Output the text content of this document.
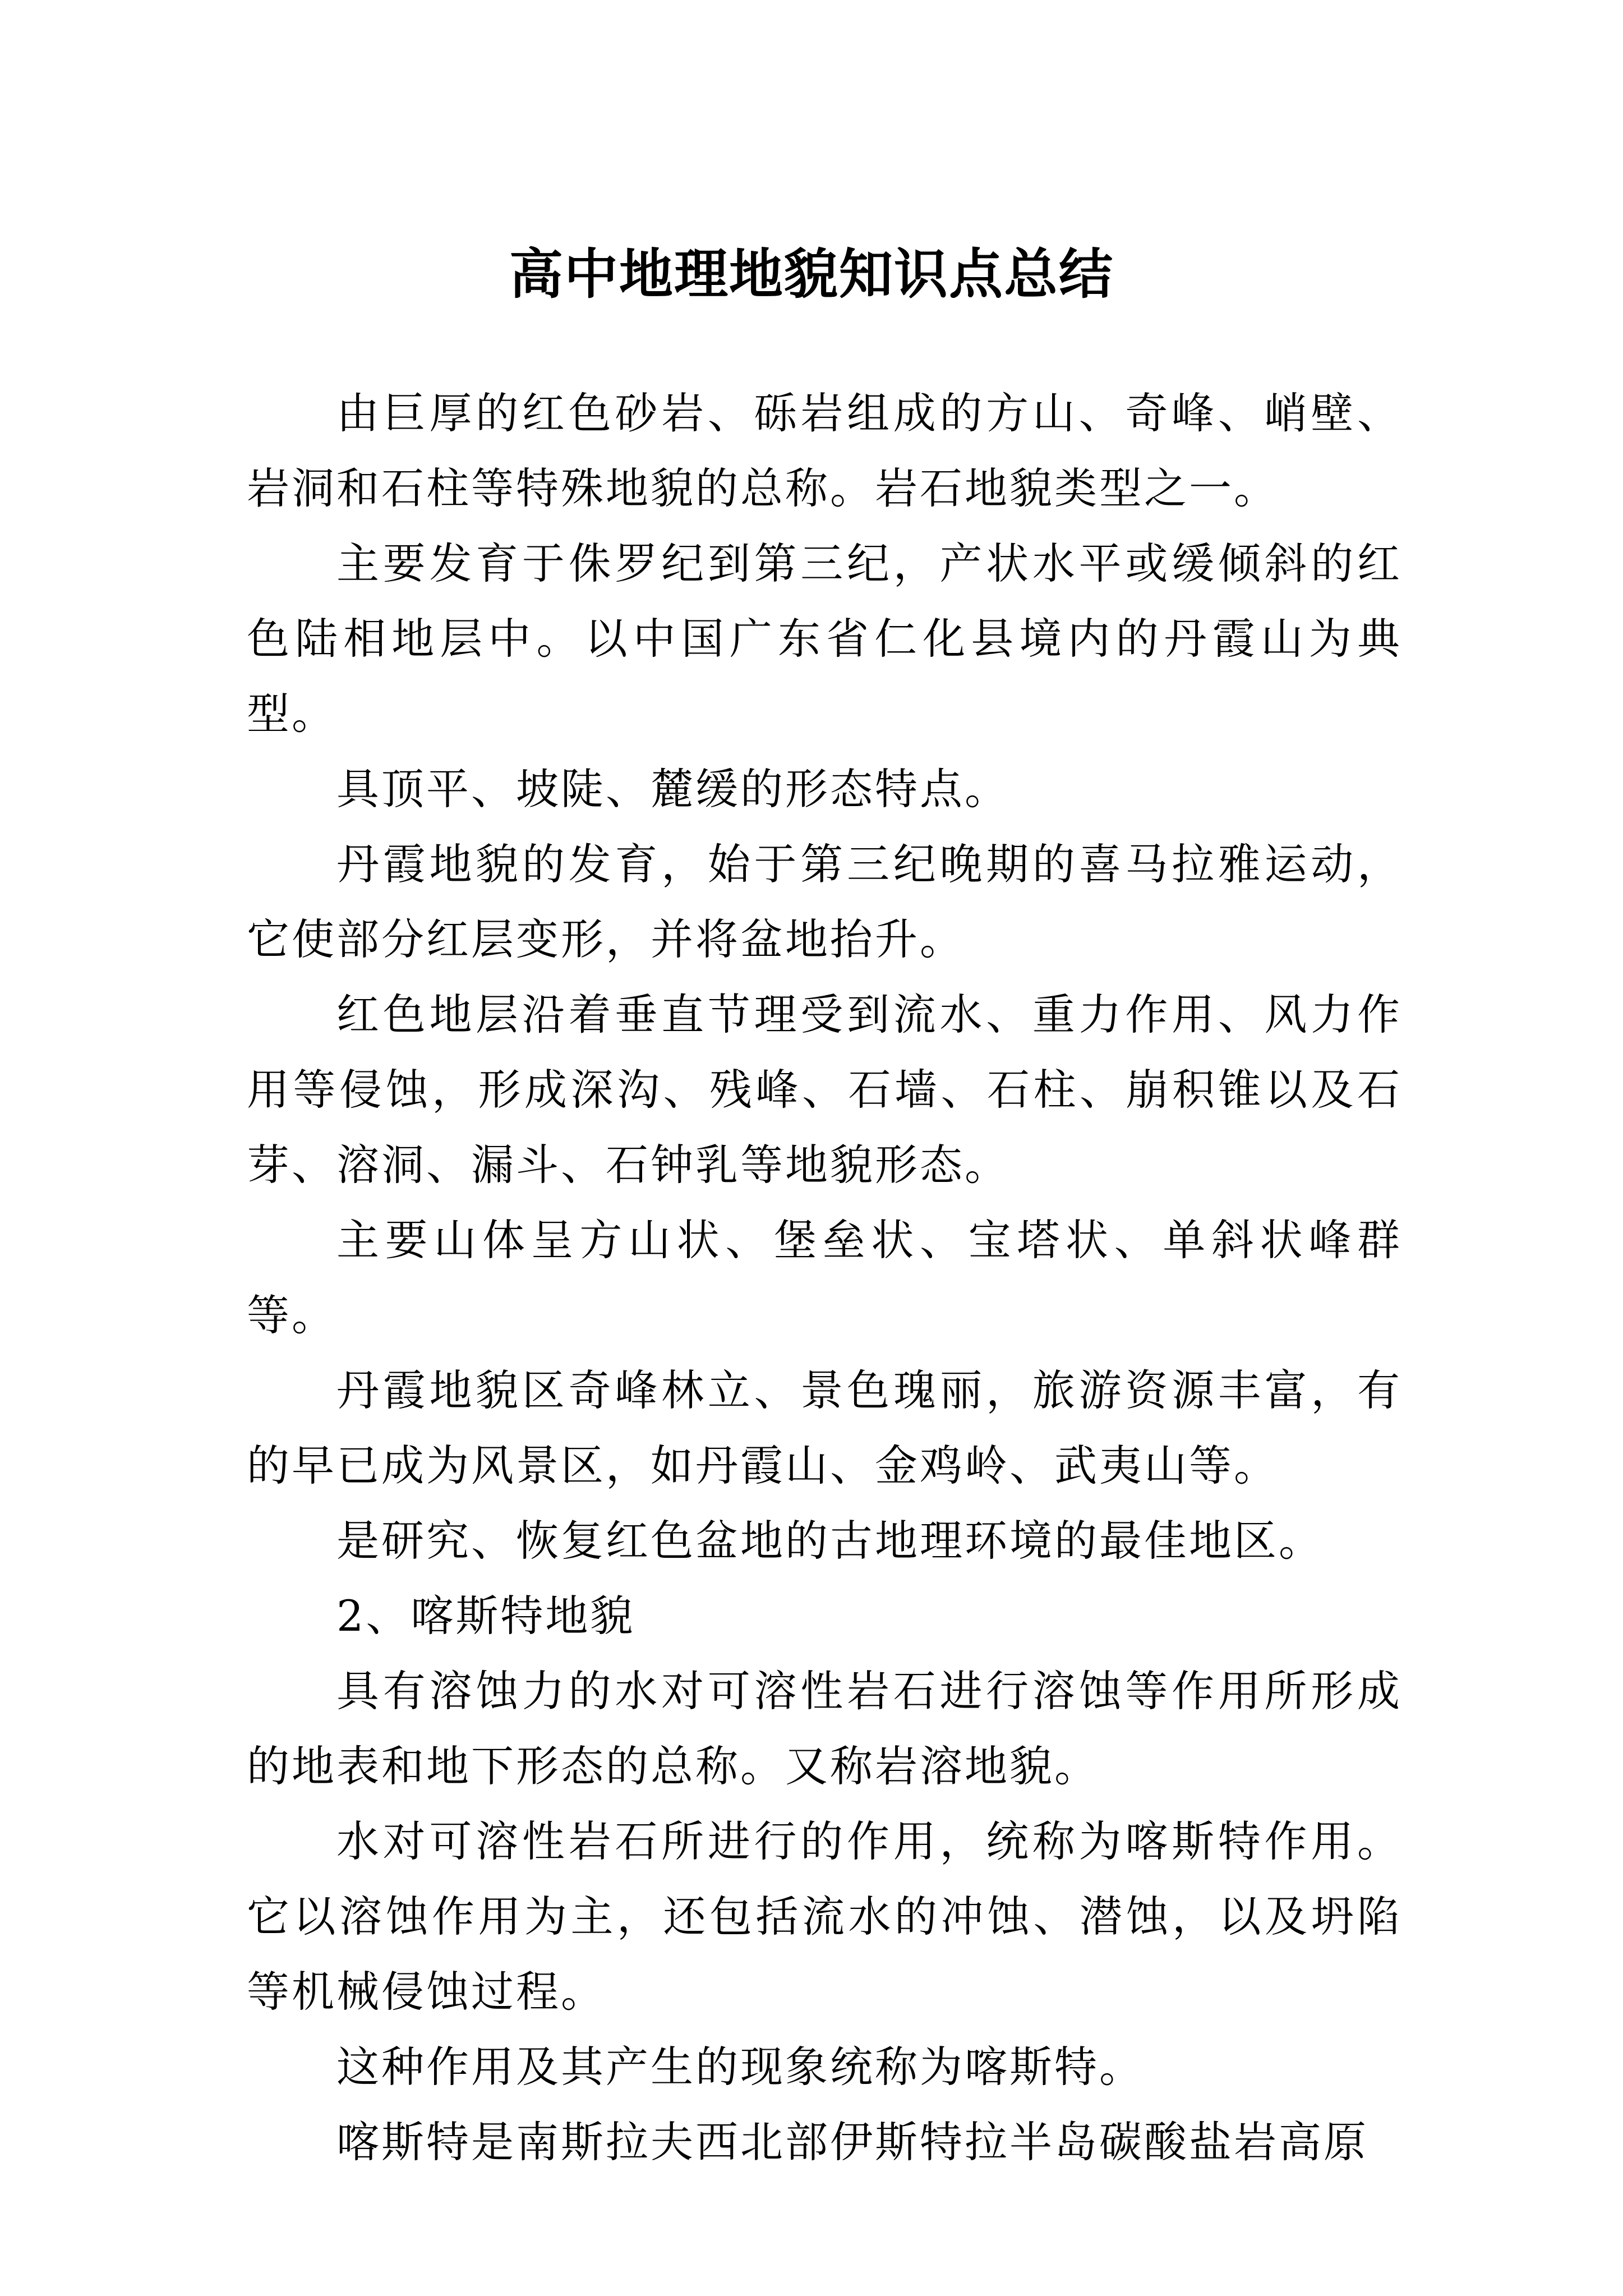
高中地理地貌知识点总结

由巨厚的红色砂岩、砾岩组成的方山、奇峰、峭壁、岩洞和石柱等特殊地貌的总称。岩石地貌类型之一。

主要发育于侏罗纪到第三纪，产状水平或缓倾斜的红色陆相地层中。以中国广东省仁化县境内的丹霞山为典型。

具顶平、坡陡、麓缓的形态特点。

丹霞地貌的发育，始于第三纪晚期的喜马拉雅运动，它使部分红层变形，并将盆地抬升。

红色地层沿着垂直节理受到流水、重力作用、风力作用等侵蚀，形成深沟、残峰、石墙、石柱、崩积锥以及石芽、溶洞、漏斗、石钟乳等地貌形态。

主要山体呈方山状、堡垒状、宝塔状、单斜状峰群等。

丹霞地貌区奇峰林立、景色瑰丽，旅游资源丰富，有的早已成为风景区，如丹霞山、金鸡岭、武夷山等。

是研究、恢复红色盆地的古地理环境的最佳地区。

2、喀斯特地貌

具有溶蚀力的水对可溶性岩石进行溶蚀等作用所形成的地表和地下形态的总称。又称岩溶地貌。

水对可溶性岩石所进行的作用，统称为喀斯特作用。它以溶蚀作用为主，还包括流水的冲蚀、潜蚀，以及坍陷等机械侵蚀过程。

这种作用及其产生的现象统称为喀斯特。

喀斯特是南斯拉夫西北部伊斯特拉半岛碳酸盐岩高原
